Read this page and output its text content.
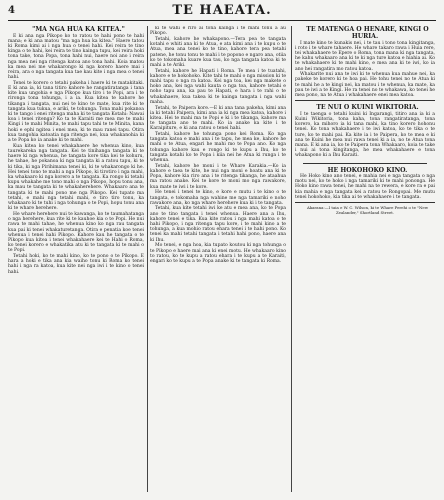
4	TE HAEATA.

"MA NGA HUA KA KITEA."

E ki ana nga Pikopo ko to ratou te hahi pono te hahi mana; e ki ana matou "ma nga hua ka kitea." Haere tatou ki Roma kimi ai i nga hua o tenei hahi. Kei reira te tino kinga o te hahi, kei reira te tino kainga tupu, kei reira hoki tona take, tona Popa, tona hahi nui, haere noi ano i reira nga mea nei nga ritenga katoa ano tona hahi. Koia matou ka mea nei me whakarongo ki nga korero haere mai i reira, ara o nga tangata kua tae kau kite i nga mea o tenei hahi.

Tenei te korero o tetahi pakeha i haere ki te matakitaki. E ki ana ia, ki tana titiro kahore he rangatiratanga i tana kite kua ungohia e nga Pikopo kua tiro i te Popi, ara i te rironga tona tohunga, i a ia. Kua kitea te kahore he tikanga i tangata, nui nei te kino te mate, kua rite ki te tangata kua tukua, e ariki, te tohunga. Tona mahi pokanoa ki te tango i enei ritenga maha ki te tangata Kotahi: Nawai koa i tenei ritenga? Ko ta te Karaiti me mea me te mahi Kingi i te mahi Minita, te mahi tapu tahi te te Minita, kana hoki e ephi ngitea i enei mea, ki te mau ranei tapu. Otira kua tangohia katoatia nga ritenga nei, kua whakanohia ki a te Popa ko ia anake ki te mahi.

Kua kitea ko tenei whakahaere he whenua kino, kua taurekareka nga tangata. Kei te tinihanga tangata ki te haere ki nga whenua, he tangata kore tika kei te kohuru, he tahae, he pokanoa ki nga tangata ki a ratou tapu, ki te ki tika, ki nga Pirihimana tenei ki, ki te whakarongo ki he. Hei tenei tono te mahi a nga Pikopo, ki tirotiro i nga mahi, ka whakaaro ki nga korero a te tangata. Ka rongo ki tetahi kupu whakahe me tono mahi o nga Pikopo, hopu tonu ana, ka mau te tangata ki te whakaherehere. Whakaaro ana te tangata ki te mahi pono me nga Pikopo. Kei tupato ma tetahi, e mahi nga tetahi mahi, e tiro tiro tonu, ka whakaaro ki te tuhi i nga tohunga o te Popi, hopu tonu ana ki te whare herehere.

He whare herehere nui te kawanga, ko te taumahatanga o nga herehere, kua rite ki te kauhoe kia o te Popi. He nui rawa te mahi tahae, he whenua kino ko nga rau tangata kua pai ki tenei whakaturetanga. Otira e penatia koe tenei whenua i tenei hahi Pikopo. Kahore kau he tangata o te Pikopo kua kitea i tenei whakahaere kei te Hahi o Roma, ko tenei korero e whakatika atu ki te tangata ki te mahi o te Popi.

Tetahi hoki, ko te mahi kino, ko te pono o te Pikopo. E hara a hoki e tika ana kia waiho tonu ki Roma ko tenei hahi i nga ra katoa, kua kite nei nga iwi i te kino o tenei hahi.

ki te wahi e riro ai tona kainga i te mahi tonu a au Pikopo.

Tetahi, kahore he whakapono.—Tera pea te tangata kotahi e whiti ana ki te Atua, e ata kimi ana i te kupu o te Atua, mea ana tenei ko te tino, kahore tera pea tetahi patene, he tonu tonu te mahi i te popono e ngaro ana, otiia ko te tokomaha kuare kua tau, ko nga tangata katoa ki te mahi a te Ariki.

Tetahi, kahore he Hapati i Roma. Te mea i te tuatahi, kahore e te hokohoko. Kite tahi te mahi o nga mission ki te mahi tapu o nga ra katoa. Kei nga toa, kei nga makete o hoko ana, kei nga wahi kauta o nga toa, kahore tetahi e noho tapu ana, ka pau te Hapati, e hara i te rahi o te whakahaere, kua takea ki te kainga tangata i nga wahi maha.

Tetahi, te Paipera kore.—E ki ana tana pakeha, kimi ana ia ki tetahi Paipera, kimi ana ia ki nga mea katoa, kahore i kitea. Hei te mahi ma te Popi e ki i te tikanga, kahore ma te tangata ano te mahi. Ko ia anake ka kite i te Karaipiture, e ki ana ratou o tenei hahi.

Tetahi, kahore he tohunga pono kei Roma. Ko nga tangata katoa e mahi ana i te tapu, he mea ke, kahore he mahi o te Atua, engari he mahi mo te Popa ano. Ko nga tohunga kahore kau e rongo ki te kupu a Ihu, ko te tangata kotahi ko te Popa i kiia nei he Atua ki runga i te whenua.

Tetahi, kahore he moni i te Whare Karakia.—Ko ia kahore e taea te kite, he nui nga moni e hoatu ana ki te Popa, kahore kia riro ana i te ritenga tikanga, he ataahua ma ratou anake. Kei te kore te moni mo nga rawakore, kua mate te iwi i te kore.

He tenei i tenei te kino, e kore e mutu i te kino o te tangata, e tokomaha nga wahine me nga tamariki e noho rawakore ana, ko nga whare herehere kua ki i te tangata.

Tetahi, kua kite tetahi iwi ke atu e mea ana, ko te Popa ano te tino tangata i tenei whenua. Haere ana a Ihu, kahore tenei e tika. Kua kite ratou i nga mahi katoa o te hahi Pikopo, i nga ritenga tapu kore, i te mahi kino a te tohunga, a kua mohio ratou ehara tenei i te hahi pono. Ko tenei ka mahi tetahi tangata i tetahi hahi pono, haere ana ki Ihu.

Mo tenei, e nga hoa, kia tupato koutou ki nga tohunga o te Pikopo e haere mai ana ki enei motu. He whakaaro kino to ratou, ko te kupu a ratou ehara i te kupu a te Karaiti, engari ko te kupu a te Popa anake ki te tangata ki Roma.

TE MATENGA O HENARE, KINGI O HURIA.

I mate kino te kunakis nei, i te tau i tono tona kingitanga, i roto i te whare tahaere. He whare takaro rawa i Huia rere, tei whakahaere te Epere o Roma, tona mana ki nga tangata, he kahu whakaaro ana ki te ki nga ture katoa e hiahia ai. Ko te whakahaere ki te mahi kino, e mea ana ki te iwi, ko ia ano hei rangatira mo ratou katoa.

Whakarite nui ana te iwi ki te whenua kua mahue nei, ka pakeke te korero ki te hoa pai. He tohu tenei no te Atua ki te mahi he a te kingi nei, ka matou i te whenua, ka mate, ka pau te iwi a te Kingi. He ra tenei no te whakawa, ko tenei he mea pono, na te Atua i whakahaere enei mea katoa.

TE NUI O KUINI WIKITORIA.

I te taenga o tetahi kuini ki Ingarangi, titiro ana ia ki a Kuini Wikitoria, tona kaha, tona rangatiratanga, tona korero, ka mihoro ia ki tana mahi, ka tino korero hohonu tenei. Ko tona whakahaere i te iwi katoa, ko te tika o te ture, ko te mahi pai. Ka kite ia i te Paipera, ko te mea e ki ana te Kuini he mea nui rawa tenei ki a ia, no te Atua tona mana. E ki ana ia, ko te Paipera tona Whakaaro, koia te take i nui ai tona kingitanga, he mea whakahaere e tona whakapono ki a Ihu Karaiti.

HE HOKOHOKO KINO.

He Hoko kino ano tenei, e mahia nei e nga tangata o nga motu nei, ko te hoko i nga tamariki ki te mahi pononga. He Hoko kino rawa tenei, he mahi na te rewera, e kore ra e pai kia mahia e nga tangata kei a ratou te Rongopai. Me mutu tenei hokohoko, kia tika ai te whakahaere i te tangata.

Akarana:—I taia e W. C. Wilson, ki te Whare Perehi o te "New Zealander," Shortland Street.
